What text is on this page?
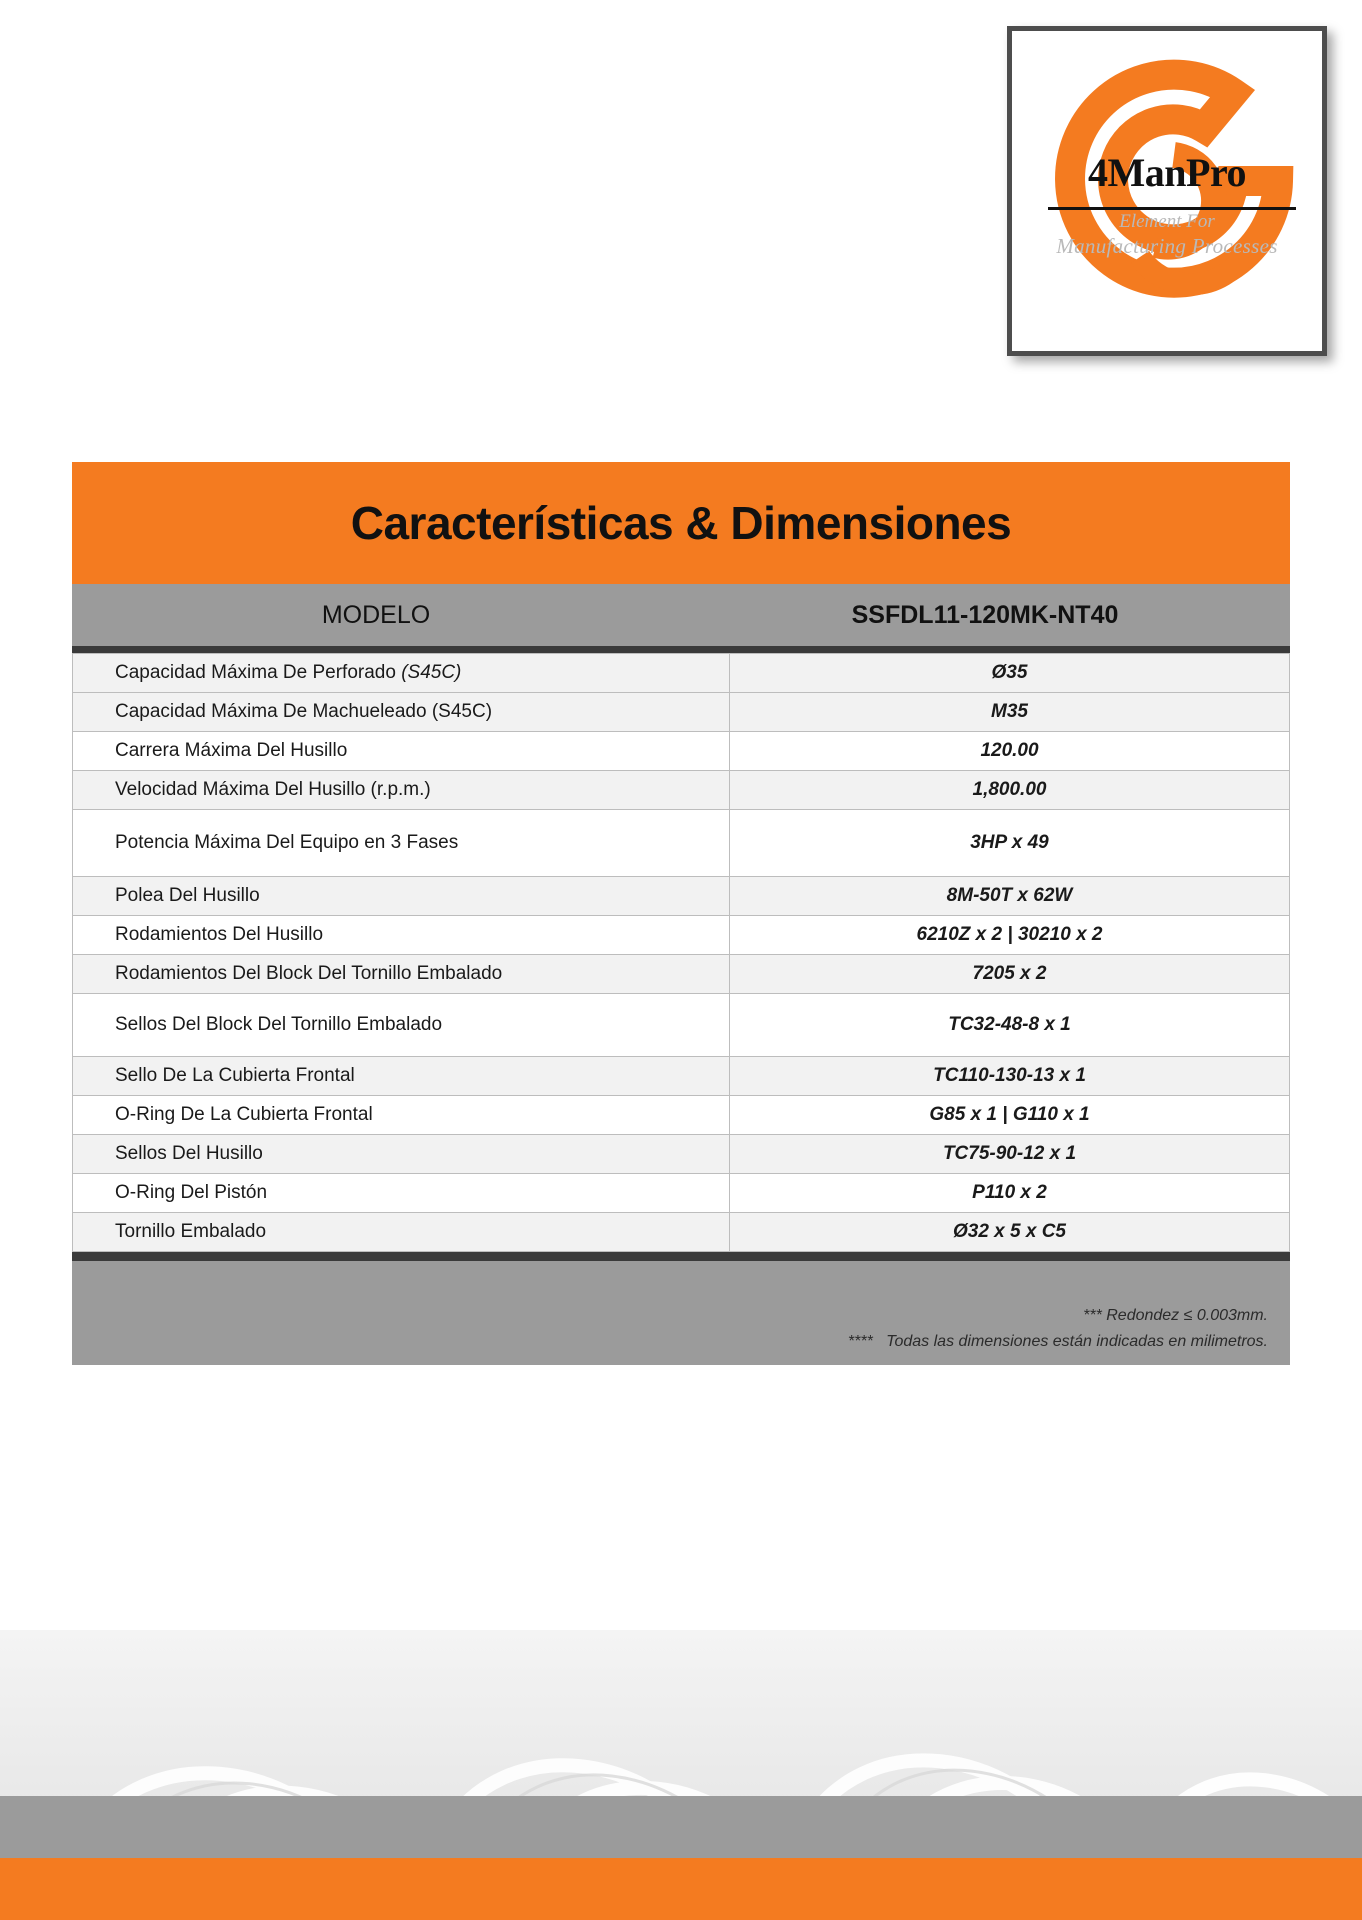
4ManPro
Element For
Manufacturing Processes
Características & Dimensiones
MODELO	SSFDL11-120MK-NT40
Capacidad Máxima De Perforado (S45C)	Ø35
Capacidad Máxima De Machueleado (S45C)	M35
Carrera Máxima Del Husillo	120.00
Velocidad Máxima Del Husillo (r.p.m.)	1,800.00
Potencia Máxima Del Equipo en 3 Fases	3HP x 49
Polea Del Husillo	8M-50T x 62W
Rodamientos Del Husillo	6210Z x 2 | 30210 x 2
Rodamientos Del Block Del Tornillo Embalado	7205 x 2
Sellos Del Block Del Tornillo Embalado	TC32-48-8 x 1
Sello De La Cubierta Frontal	TC110-130-13 x 1
O-Ring De La Cubierta Frontal	G85 x 1 | G110 x 1
Sellos Del Husillo	TC75-90-12 x 1
O-Ring Del Pistón	P110 x 2
Tornillo Embalado	Ø32 x 5 x C5
*** Redondez ≤ 0.003mm.
****   Todas las dimensiones están indicadas en milimetros.
